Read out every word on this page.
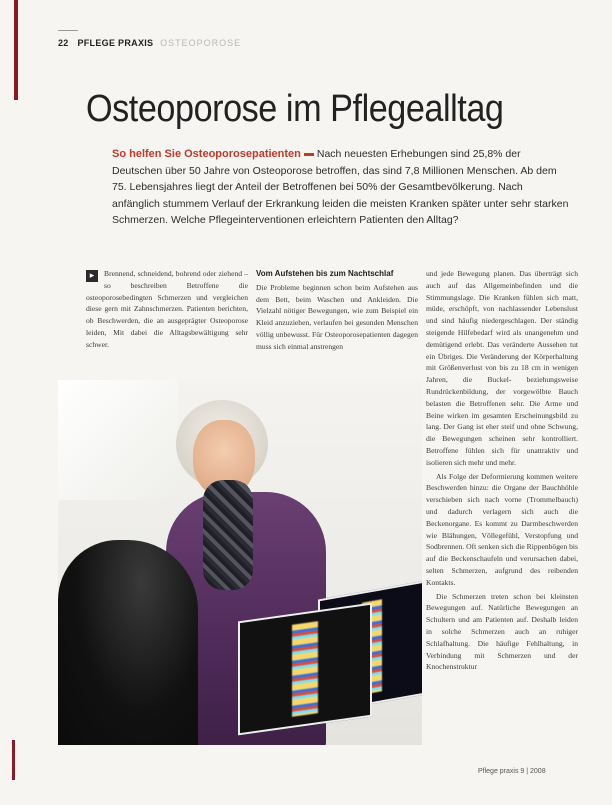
22 PFLEGE PRAXIS OSTEOPOROSE
Osteoporose im Pflegealltag
So helfen Sie Osteoporosepatienten Nach neuesten Erhebungen sind 25,8% der Deutschen über 50 Jahre von Osteoporose betroffen, das sind 7,8 Millionen Menschen. Ab dem 75. Lebensjahres liegt der Anteil der Betroffenen bei 50% der Gesamtbevölkerung. Nach anfänglich stummem Verlauf der Erkrankung leiden die meisten Kranken später unter sehr starken Schmerzen. Welche Pflegeinterventionen erleichtern Patienten den Alltag?
▸	Brennend, schneidend, bohrend oder ziehend – so beschreiben Betroffene die osteoporosebedingten Schmerzen und vergleichen diese gern mit Zahnschmerzen. Patienten berichten, ob Beschwerden, die an ausgeprägter Osteoporose leiden, Mit dabei die Alltagsbewältigung sehr schwer.

Vom Aufstehen bis zum Nachtschlaf

Die Probleme beginnen schon beim Aufstehen aus dem Bett, beim Waschen und Ankleiden. Die Vielzahl nötiger Bewegungen, wie zum Beispiel ein Kleid anzuziehen, verlaufen bei gesunden Menschen völlig unbewusst. Für Osteoporosepatienten dagegen muss sich einmal anstrengen

und jede Bewegung planen. Das überträgt sich auch auf das Allgemeinbefinden und die Stimmungslage. Die Kranken fühlen sich matt, müde, erschöpft, von nachlassender Lebenslust und sind häufig niedergeschlagen. Der ständig steigende Hilfebedarf wird als unangenehm und demütigend erlebt. Das veränderte Aussehen tut ein Übriges. Die Veränderung der Körperhaltung mit Größenverlust von bis zu 18 cm in wenigen Jahren, die Buckel- beziehungsweise Rundrückenbildung, der vorgewölbte Bauch belasten die Betroffenen sehr. Die Arme und Beine wirken im gesamten Erscheinungsbild zu lang. Der Gang ist eher steif und ohne Schwung, die Bewegungen scheinen sehr kontrolliert. Betroffene fühlen sich für unattraktiv und isolieren sich mehr und mehr.

Als Folge der Deformierung kommen weitere Beschwerden hinzu: die Organe der Bauchhöhle verschieben sich nach vorne (Trommelbauch) und dadurch verlagern sich auch die Beckenorgane. Es kommt zu Darmbeschwerden wie Blähungen, Völlegefühl, Verstopfung und Sodbrennen. Oft senken sich die Rippenbögen bis auf die Beckenschaufeln und verursachen dabei, selten Schmerzen, aufgrund des reibenden Kontakts.

Die Schmerzen treten schon bei kleinsten Bewegungen auf. Natürliche Bewegungen an Schultern und am Patienten auf. Deshalb leiden in solche Schmerzen auch an ruhiger Schlafhaltung. Die häufige Fehlhaltung, in Verbindung mit Schmerzen und der Knochenstruktur

Pflege praxis 9 | 2008
